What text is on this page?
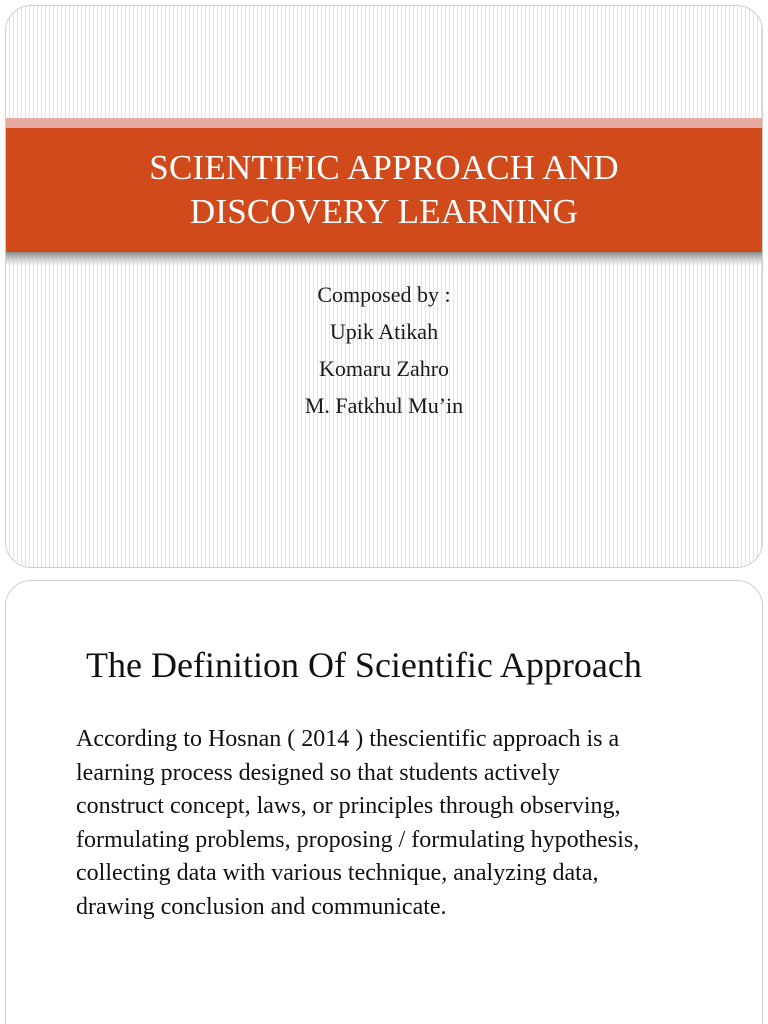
SCIENTIFIC APPROACH AND
DISCOVERY LEARNING
Composed by :
Upik Atikah
Komaru Zahro
M. Fatkhul Mu’in
The Definition Of Scientific Approach
According to Hosnan ( 2014 ) thescientific approach is a
learning process designed so that students actively
construct concept, laws, or principles through observing,
formulating problems, proposing / formulating hypothesis,
collecting data with various technique, analyzing data,
drawing conclusion and communicate.
